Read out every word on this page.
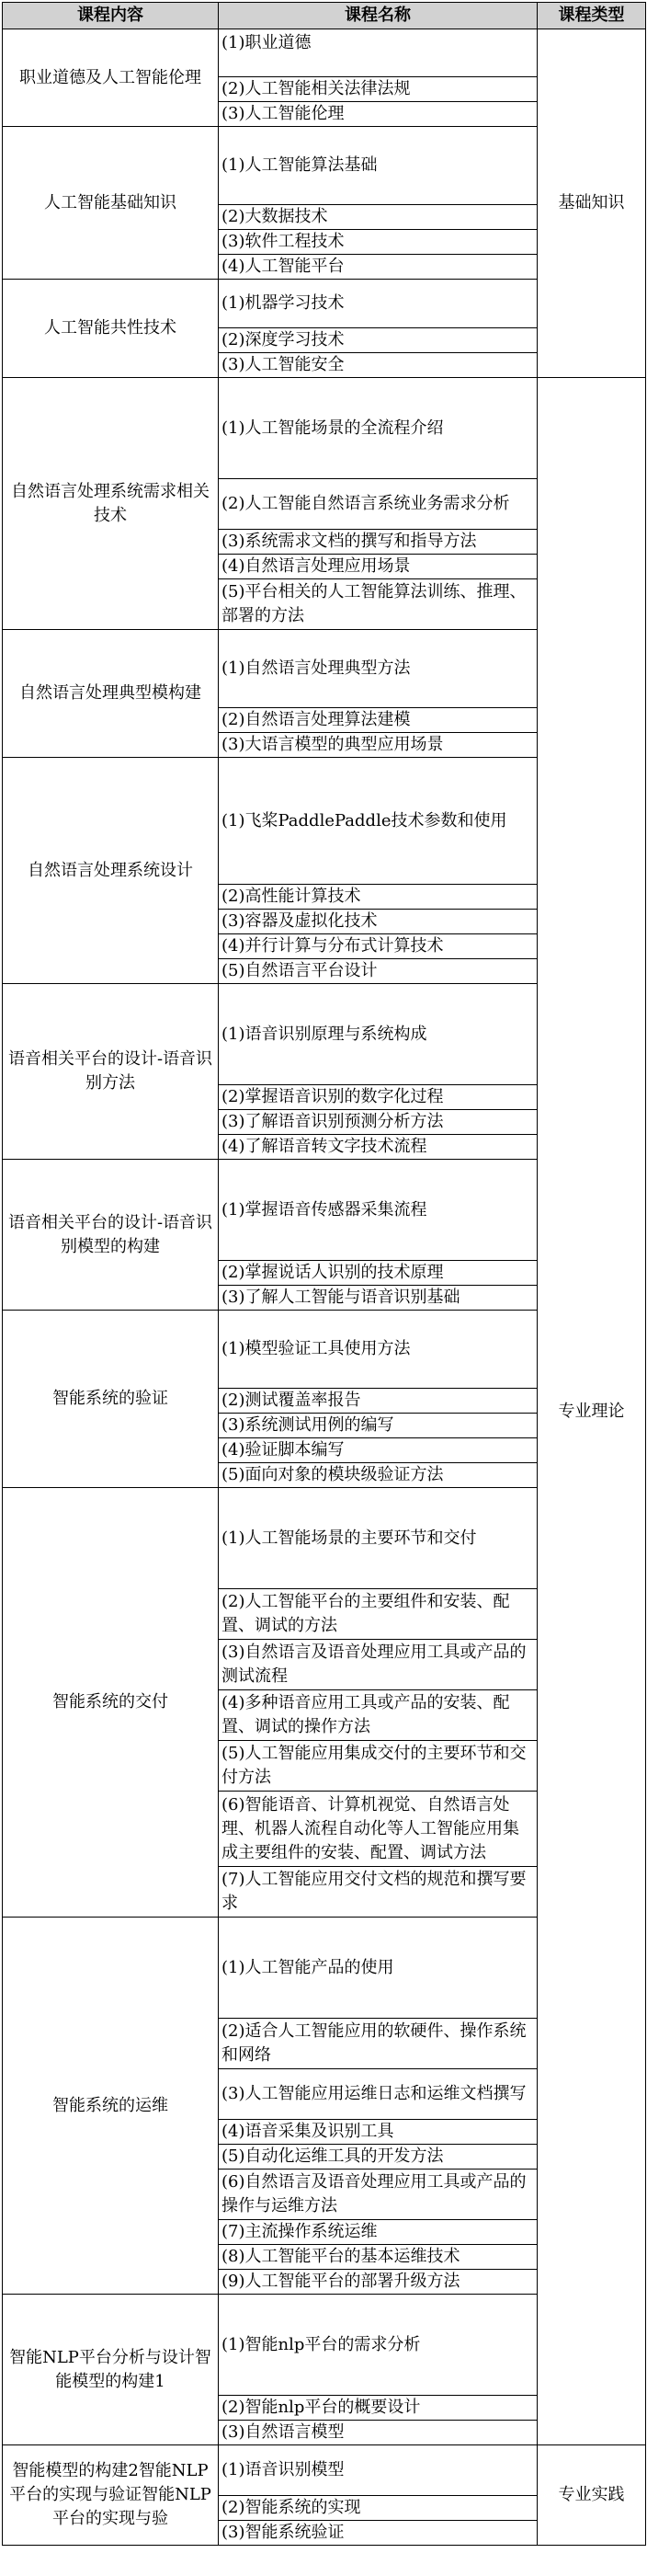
课程内容	课程名称	课程类型	
职业道德及人工智能伦理	(1)职业道德	基础知识	
	(2)人工智能相关法律法规		
	(3)人工智能伦理		
人工智能基础知识	(1)人工智能算法基础		
	(2)大数据技术		
	(3)软件工程技术		
	(4)人工智能平台		
人工智能共性技术	(1)机器学习技术		
	(2)深度学习技术		
	(3)人工智能安全		
自然语言处理系统需求相关技术	(1)人工智能场景的全流程介绍	专业理论	
	(2)人工智能自然语言系统业务需求分析		
	(3)系统需求文档的撰写和指导方法		
	(4)自然语言处理应用场景		
	(5)平台相关的人工智能算法训练、推理、部署的方法		
自然语言处理典型模构建	(1)自然语言处理典型方法		
	(2)自然语言处理算法建模		
	(3)大语言模型的典型应用场景		
自然语言处理系统设计	(1)飞桨PaddlePaddle技术参数和使用		
	(2)高性能计算技术		
	(3)容器及虚拟化技术		
	(4)并行计算与分布式计算技术		
	(5)自然语言平台设计		
语音相关平台的设计-语音识别方法	(1)语音识别原理与系统构成		
	(2)掌握语音识别的数字化过程		
	(3)了解语音识别预测分析方法		
	(4)了解语音转文字技术流程		
语音相关平台的设计-语音识别模型的构建	(1)掌握语音传感器采集流程		
	(2)掌握说话人识别的技术原理		
	(3)了解人工智能与语音识别基础		
智能系统的验证	(1)模型验证工具使用方法		
	(2)测试覆盖率报告		
	(3)系统测试用例的编写		
	(4)验证脚本编写		
	(5)面向对象的模块级验证方法		
智能系统的交付	(1)人工智能场景的主要环节和交付		
	(2)人工智能平台的主要组件和安装、配置、调试的方法		
	(3)自然语言及语音处理应用工具或产品的测试流程		
	(4)多种语音应用工具或产品的安装、配置、调试的操作方法		
	(5)人工智能应用集成交付的主要环节和交付方法		
	(6)智能语音、计算机视觉、自然语言处理、机器人流程自动化等人工智能应用集成主要组件的安装、配置、调试方法		
	(7)人工智能应用交付文档的规范和撰写要求		
智能系统的运维	(1)人工智能产品的使用		
	(2)适合人工智能应用的软硬件、操作系统和网络		
	(3)人工智能应用运维日志和运维文档撰写		
	(4)语音采集及识别工具		
	(5)自动化运维工具的开发方法		
	(6)自然语言及语音处理应用工具或产品的操作与运维方法		
	(7)主流操作系统运维		
	(8)人工智能平台的基本运维技术		
	(9)人工智能平台的部署升级方法		
智能NLP平台分析与设计智能模型的构建1	(1)智能nlp平台的需求分析	
	(2)智能nlp平台的概要设计		
	(3)自然语言模型		
智能模型的构建2智能NLP平台的实现与验证智能NLP平台的实现与验	(1)语音识别模型	专业实践	
	(2)智能系统的实现		
	(3)智能系统验证		
